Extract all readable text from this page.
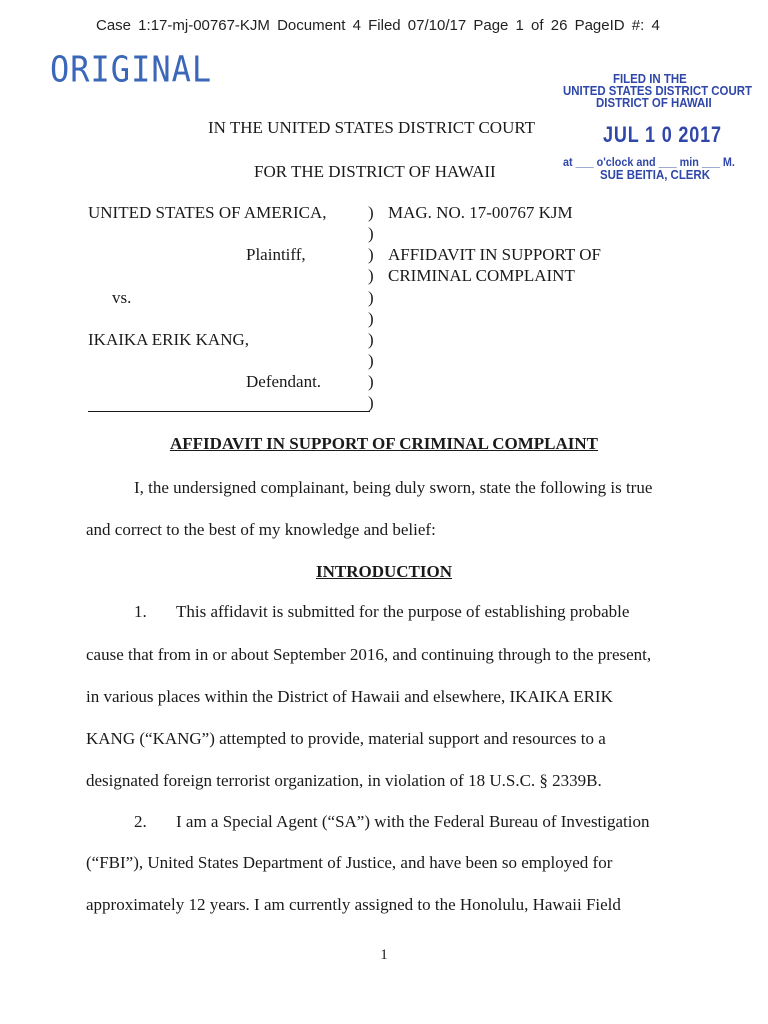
Case 1:17-mj-00767-KJM Document 4 Filed 07/10/17 Page 1 of 26 PageID #: 4
ORIGINAL	FILED IN THE
UNITED STATES DISTRICT COURT
DISTRICT OF HAWAII
JUL 1 0 2017
at ___ o'clock and ___ min ___ M.
SUE BEITIA, CLERK
IN THE UNITED STATES DISTRICT COURT
FOR THE DISTRICT OF HAWAII
UNITED STATES OF AMERICA,
Plaintiff,
vs.
IKAIKA ERIK KANG,
Defendant.
)
)
)
)
)
)
)
)
)
)
MAG. NO. 17-00767 KJM
AFFIDAVIT IN SUPPORT OF
CRIMINAL COMPLAINT
AFFIDAVIT IN SUPPORT OF CRIMINAL COMPLAINT
I, the undersigned complainant, being duly sworn, state the following is true
and correct to the best of my knowledge and belief:
INTRODUCTION
1. This affidavit is submitted for the purpose of establishing probable
cause that from in or about September 2016, and continuing through to the present,
in various places within the District of Hawaii and elsewhere, IKAIKA ERIK
KANG (“KANG”) attempted to provide, material support and resources to a
designated foreign terrorist organization, in violation of 18 U.S.C. § 2339B.
2. I am a Special Agent (“SA”) with the Federal Bureau of Investigation
(“FBI”), United States Department of Justice, and have been so employed for
approximately 12 years. I am currently assigned to the Honolulu, Hawaii Field
1
